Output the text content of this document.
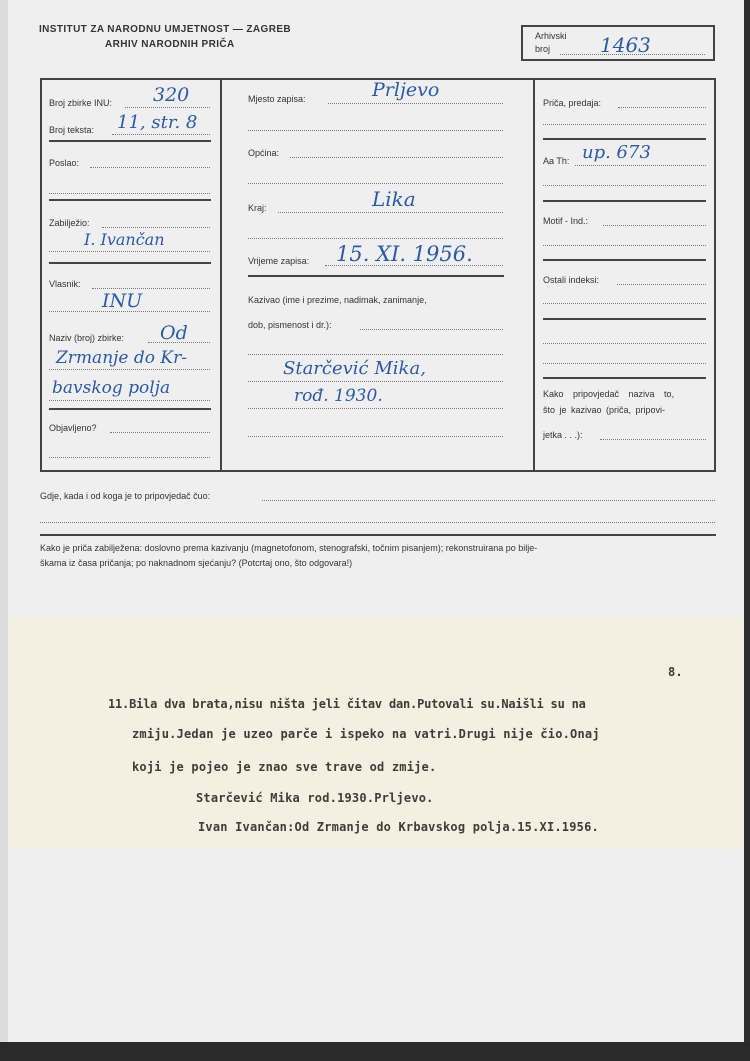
INSTITUT ZA NARODNU UMJETNOST — ZAGREB
ARHIV NARODNIH PRIČA
Arhivski
broj 1463
Broj zbirke INU: 320
Broj teksta: 11, str. 8
Poslao:
Zabilježio:
I. Ivančan
Vlasnik:
INU
Naziv (broj) zbirke: Od
Zrmanje do Kr-
bavskog polja
Objavljeno?
Mjesto zapisa:	Prljevo
Općina:
Kraj:	Lika
Vrijeme zapisa: 15. XI. 1956.
Kazivao (ime i prezime, nadimak, zanimanje,
dob, pismenost i dr.):
Starčević Mika,
rođ. 1930.
Priča, predaja:
Aa Th: up. 673
Motif - Ind.:
Ostali indeksi:
Kako pripovjedač naziva to,
što je kazivao (priča, pripovi-
jetka . . .):
Gdje, kada i od koga je to pripovjedač čuo:
Kako je priča zabilježena: doslovno prema kazivanju (magnetofonom, stenografski, točnim pisanjem); rekonstruirana po bilje-
škama iz časa pričanja; po naknadnom sjećanju? (Potcrtaj ono, što odgovara!)
8.
11.Bila dva brata,nisu ništa jeli čitav dan.Putovali su.Naišli su na
zmiju.Jedan je uzeo parče i ispeko na vatri.Drugi nije čio.Onaj
koji je pojeo je znao sve trave od zmije.
Starčević Mika rod.1930.Prljevo.
Ivan Ivančan:Od Zrmanje do Krbavskog polja.15.XI.1956.
